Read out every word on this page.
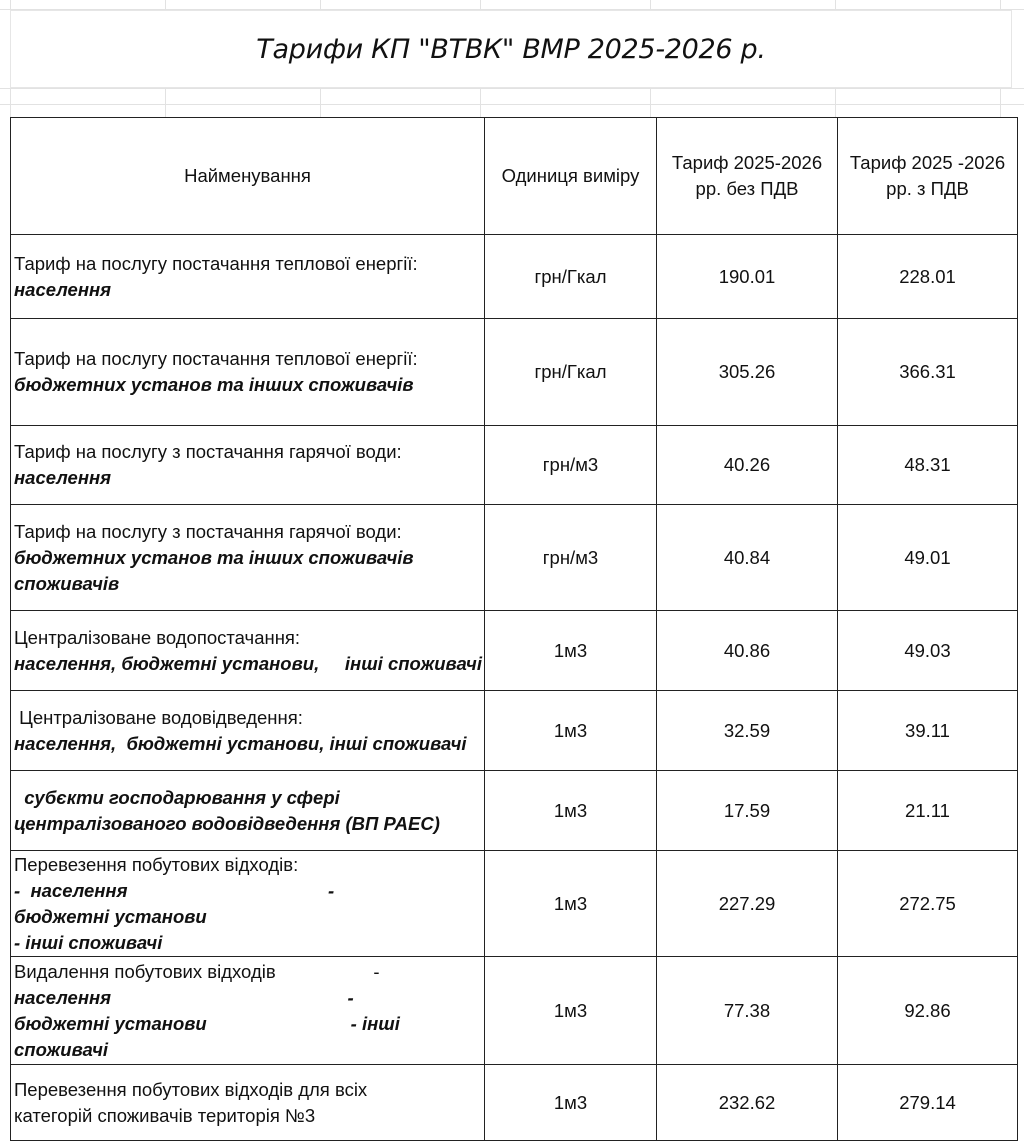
Тарифи КП "ВТВК" ВМР 2025-2026 р.
Найменування	Одиниця виміру	Тариф 2025-2026 рр. без ПДВ	Тариф 2025 -2026 рр. з ПДВ

Тариф на послугу постачання теплової енергії:
населення	грн/Гкал	190.01	228.01

Тариф на послугу постачання теплової енергії:
бюджетних установ та інших споживачів	грн/Гкал	305.26	366.31

Тариф на послугу з постачання гарячої води:
населення	грн/м3	40.26	48.31

Тариф на послугу з постачання гарячої води:
бюджетних установ та інших споживачів
споживачів	грн/м3	40.84	49.01

Централізоване водопостачання:
населення, бюджетні установи,     інші споживачі	1м3	40.86	49.03

Централізоване водовідведення:
населення,  бюджетні установи, інші споживачі	1м3	32.59	39.11

субєкти господарювання у сфері
централізованого водовідведення (ВП РАЕС)	1м3	17.59	21.11

Перевезення побутових відходів:
-  населення                                       -
бюджетні установи
- інші споживачі	1м3	227.29	272.75

Видалення побутових відходів                   -
населення                                              -
бюджетні установи                            - інші
споживачі	1м3	77.38	92.86

Перевезення побутових відходів для всіх
категорій споживачів територія №3	1м3	232.62	279.14
